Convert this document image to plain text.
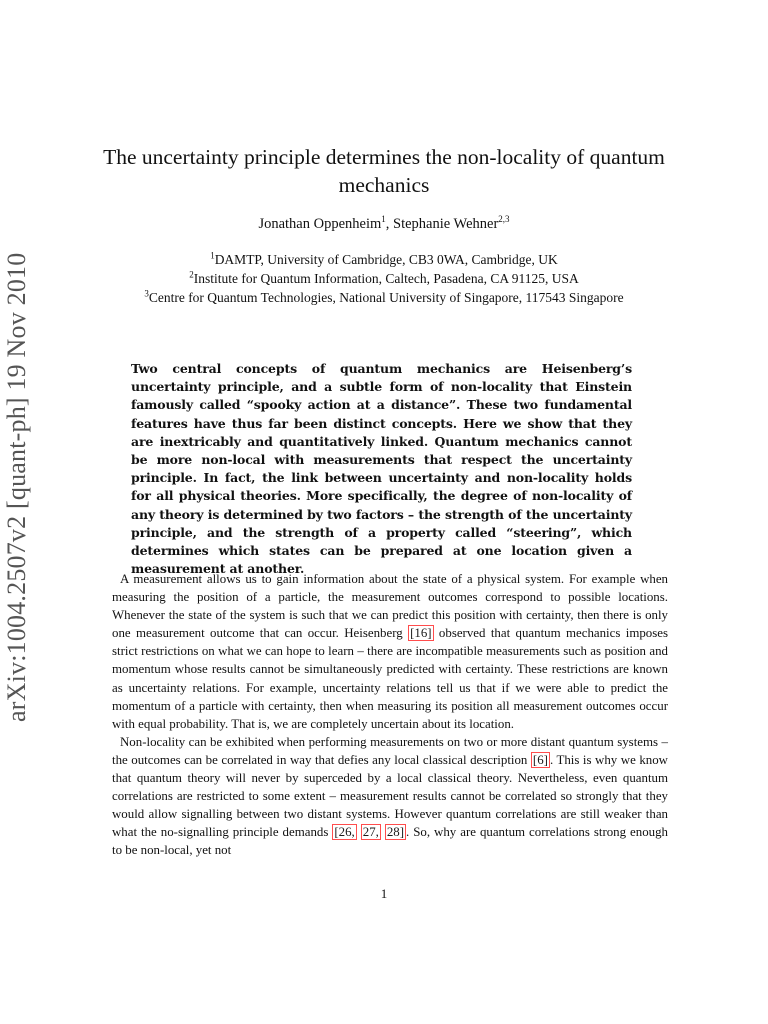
arXiv:1004.2507v2 [quant-ph] 19 Nov 2010
The uncertainty principle determines the non-locality of quantum mechanics
Jonathan Oppenheim$^1$, Stephanie Wehner$^{2,3}$
$^1$DAMTP, University of Cambridge, CB3 0WA, Cambridge, UK
$^2$Institute for Quantum Information, Caltech, Pasadena, CA 91125, USA
$^3$Centre for Quantum Technologies, National University of Singapore, 117543 Singapore

Two central concepts of quantum mechanics are Heisenberg’s uncertainty principle, and a subtle form of non-locality that Einstein famously called “spooky action at a distance”. These two fundamental features have thus far been distinct concepts. Here we show that they are inextricably and quantitatively linked. Quantum mechanics cannot be more non-local with measurements that respect the uncertainty principle. In fact, the link between uncertainty and non-locality holds for all physical theories. More specifically, the degree of non-locality of any theory is determined by two factors – the strength of the uncertainty principle, and the strength of a property called “steering”, which determines which states can be prepared at one location given a measurement at another.

A measurement allows us to gain information about the state of a physical system. For example when measuring the position of a particle, the measurement outcomes correspond to possible locations. Whenever the state of the system is such that we can predict this position with certainty, then there is only one measurement outcome that can occur. Heisenberg [16] observed that quantum mechanics imposes strict restrictions on what we can hope to learn – there are incompatible measurements such as position and momentum whose results cannot be simultaneously predicted with certainty. These restrictions are known as uncertainty relations. For example, uncertainty relations tell us that if we were able to predict the momentum of a particle with certainty, then when measuring its position all measurement outcomes occur with equal probability. That is, we are completely uncertain about its location.

Non-locality can be exhibited when performing measurements on two or more distant quantum systems – the outcomes can be correlated in way that defies any local classical description [6] . This is why we know that quantum theory will never by superceded by a local classical theory. Nevertheless, even quantum correlations are restricted to some extent – measurement results cannot be correlated so strongly that they would allow signalling between two distant systems. However quantum correlations are still weaker than what the no-signalling principle demands [26, 27, 28] . So, why are quantum correlations strong enough to be non-local, yet not

1
